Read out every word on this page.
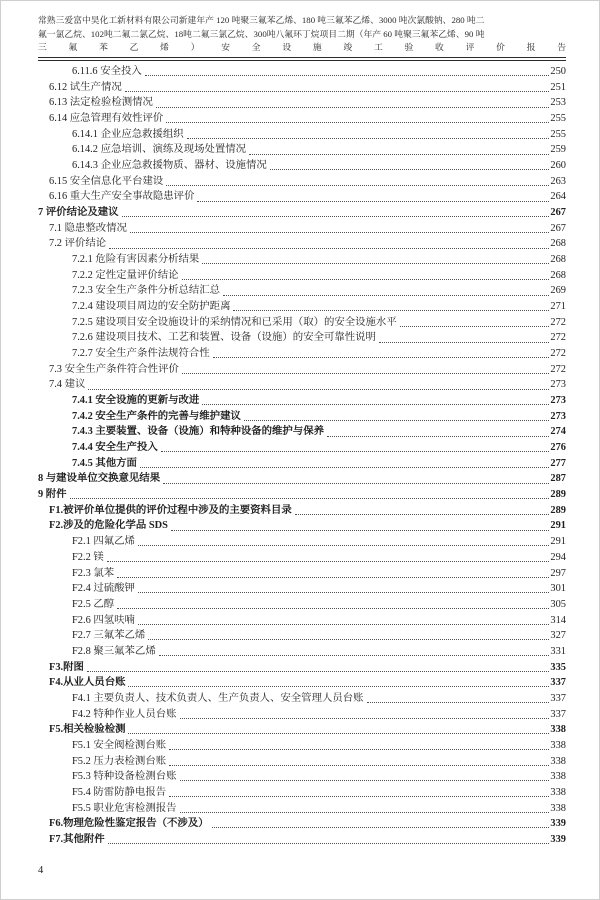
常熟三爱富中昊化工新材料有限公司新建年产 120 吨聚三氟苯乙烯、180 吨三氟苯乙烯、3000 吨次氯酸钠、280 吨二
氟一氯乙烷、102吨二氟二氯乙烷、18吨二氟三氯乙烷、300吨八氟环丁烷项目二期（年产 60 吨聚三氟苯乙烯、90 吨
三氟苯乙烯）安全设施竣工验收评价报告
6.11.6 安全投入	250
6.12 试生产情况	251
6.13 法定检验检测情况	253
6.14 应急管理有效性评价	255
6.14.1 企业应急救援组织	255
6.14.2 应急培训、演练及现场处置情况	259
6.14.3 企业应急救援物质、器材、设施情况	260
6.15 安全信息化平台建设	263
6.16 重大生产安全事故隐患评价	264
7 评价结论及建议	267
7.1 隐患整改情况	267
7.2 评价结论	268
7.2.1 危险有害因素分析结果	268
7.2.2 定性定量评价结论	268
7.2.3 安全生产条件分析总结汇总	269
7.2.4 建设项目周边的安全防护距离	271
7.2.5 建设项目安全设施设计的采纳情况和已采用（取）的安全设施水平	272
7.2.6 建设项目技术、工艺和装置、设备（设施）的安全可靠性说明	272
7.2.7 安全生产条件法规符合性	272
7.3 安全生产条件符合性评价	272
7.4 建议	273
7.4.1 安全设施的更新与改进	273
7.4.2 安全生产条件的完善与维护建议	273
7.4.3 主要装置、设备（设施）和特种设备的维护与保养	274
7.4.4 安全生产投入	276
7.4.5 其他方面	277
8 与建设单位交换意见结果	287
9 附件	289
F1.被评价单位提供的评价过程中涉及的主要资料目录	289
F2.涉及的危险化学品 SDS	291
F2.1 四氟乙烯	291
F2.2 镁	294
F2.3 氯苯	297
F2.4 过硫酸钾	301
F2.5 乙醇	305
F2.6 四氢呋喃	314
F2.7 三氟苯乙烯	327
F2.8 聚三氟苯乙烯	331
F3.附图	335
F4.从业人员台账	337
F4.1 主要负责人、技术负责人、生产负责人、安全管理人员台账	337
F4.2 特种作业人员台账	337
F5.相关检验检测	338
F5.1 安全阀检测台账	338
F5.2 压力表检测台账	338
F5.3 特种设备检测台账	338
F5.4 防雷防静电报告	338
F5.5 职业危害检测报告	338
F6.物理危险性鉴定报告（不涉及）	339
F7.其他附件	339
4
